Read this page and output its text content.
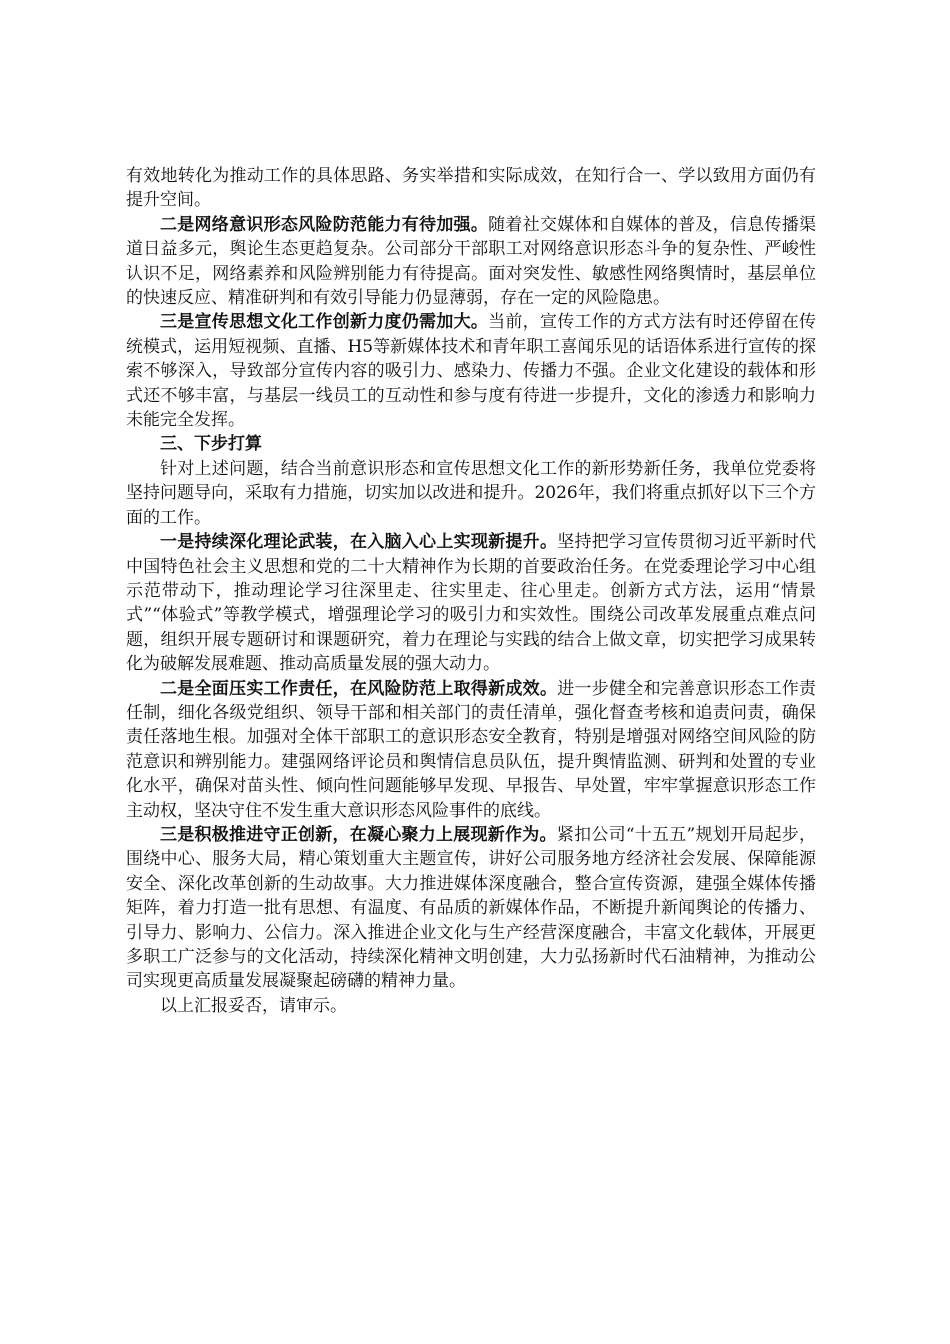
有效地转化为推动工作的具体思路、务实举措和实际成效，在知行合一、学以致用方面仍有提升空间。

二是网络意识形态风险防范能力有待加强。随着社交媒体和自媒体的普及，信息传播渠道日益多元，舆论生态更趋复杂。公司部分干部职工对网络意识形态斗争的复杂性、严峻性认识不足，网络素养和风险辨别能力有待提高。面对突发性、敏感性网络舆情时，基层单位的快速反应、精准研判和有效引导能力仍显薄弱，存在一定的风险隐患。

三是宣传思想文化工作创新力度仍需加大。当前，宣传工作的方式方法有时还停留在传统模式，运用短视频、直播、H5等新媒体技术和青年职工喜闻乐见的话语体系进行宣传的探索不够深入，导致部分宣传内容的吸引力、感染力、传播力不强。企业文化建设的载体和形式还不够丰富，与基层一线员工的互动性和参与度有待进一步提升，文化的渗透力和影响力未能完全发挥。

三、下步打算

针对上述问题，结合当前意识形态和宣传思想文化工作的新形势新任务，我单位党委将坚持问题导向，采取有力措施，切实加以改进和提升。2026年，我们将重点抓好以下三个方面的工作。

一是持续深化理论武装，在入脑入心上实现新提升。坚持把学习宣传贯彻习近平新时代中国特色社会主义思想和党的二十大精神作为长期的首要政治任务。在党委理论学习中心组示范带动下，推动理论学习往深里走、往实里走、往心里走。创新方式方法，运用“情景式”“体验式”等教学模式，增强理论学习的吸引力和实效性。围绕公司改革发展重点难点问题，组织开展专题研讨和课题研究，着力在理论与实践的结合上做文章，切实把学习成果转化为破解发展难题、推动高质量发展的强大动力。

二是全面压实工作责任，在风险防范上取得新成效。进一步健全和完善意识形态工作责任制，细化各级党组织、领导干部和相关部门的责任清单，强化督查考核和追责问责，确保责任落地生根。加强对全体干部职工的意识形态安全教育，特别是增强对网络空间风险的防范意识和辨别能力。建强网络评论员和舆情信息员队伍，提升舆情监测、研判和处置的专业化水平，确保对苗头性、倾向性问题能够早发现、早报告、早处置，牢牢掌握意识形态工作主动权，坚决守住不发生重大意识形态风险事件的底线。

三是积极推进守正创新，在凝心聚力上展现新作为。紧扣公司“十五五”规划开局起步，围绕中心、服务大局，精心策划重大主题宣传，讲好公司服务地方经济社会发展、保障能源安全、深化改革创新的生动故事。大力推进媒体深度融合，整合宣传资源，建强全媒体传播矩阵，着力打造一批有思想、有温度、有品质的新媒体作品，不断提升新闻舆论的传播力、引导力、影响力、公信力。深入推进企业文化与生产经营深度融合，丰富文化载体，开展更多职工广泛参与的文化活动，持续深化精神文明创建，大力弘扬新时代石油精神，为推动公司实现更高质量发展凝聚起磅礴的精神力量。

以上汇报妥否，请审示。
